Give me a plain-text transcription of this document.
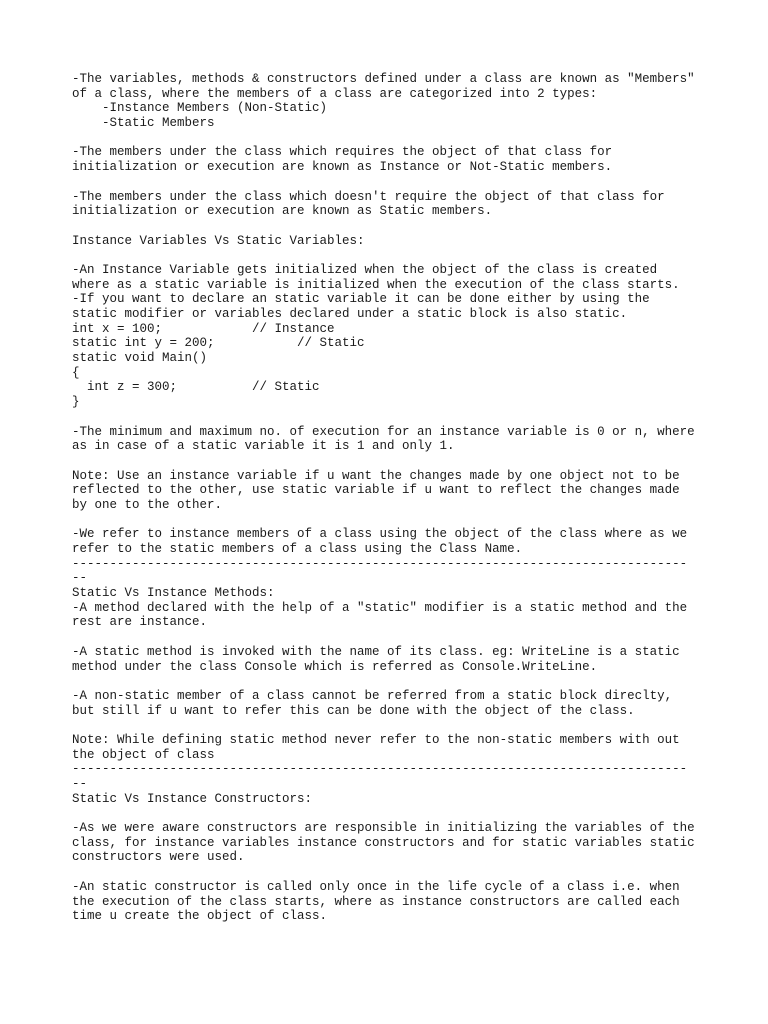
-The variables, methods & constructors defined under a class are known as "Members"
of a class, where the members of a class are categorized into 2 types:
-Instance Members (Non-Static)
-Static Members
-The members under the class which requires the object of that class for
initialization or execution are known as Instance or Not-Static members.
-The members under the class which doesn't require the object of that class for
initialization or execution are known as Static members.
Instance Variables Vs Static Variables:
-An Instance Variable gets initialized when the object of the class is created
where as a static variable is initialized when the execution of the class starts.
-If you want to declare an static variable it can be done either by using the
static modifier or variables declared under a static block is also static.
int x = 100;            // Instance
static int y = 200;           // Static
static void Main()
{
int z = 300;          // Static
}
-The minimum and maximum no. of execution for an instance variable is 0 or n, where
as in case of a static variable it is 1 and only 1.
Note: Use an instance variable if u want the changes made by one object not to be
reflected to the other, use static variable if u want to reflect the changes made
by one to the other.
-We refer to instance members of a class using the object of the class where as we
refer to the static members of a class using the Class Name.
----------------------------------------------------------------------------------
--
Static Vs Instance Methods:
-A method declared with the help of a "static" modifier is a static method and the
rest are instance.
-A static method is invoked with the name of its class. eg: WriteLine is a static
method under the class Console which is referred as Console.WriteLine.
-A non-static member of a class cannot be referred from a static block direclty,
but still if u want to refer this can be done with the object of the class.
Note: While defining static method never refer to the non-static members with out
the object of class
----------------------------------------------------------------------------------
--
Static Vs Instance Constructors:
-As we were aware constructors are responsible in initializing the variables of the
class, for instance variables instance constructors and for static variables static
constructors were used.
-An static constructor is called only once in the life cycle of a class i.e. when
the execution of the class starts, where as instance constructors are called each
time u create the object of class.
